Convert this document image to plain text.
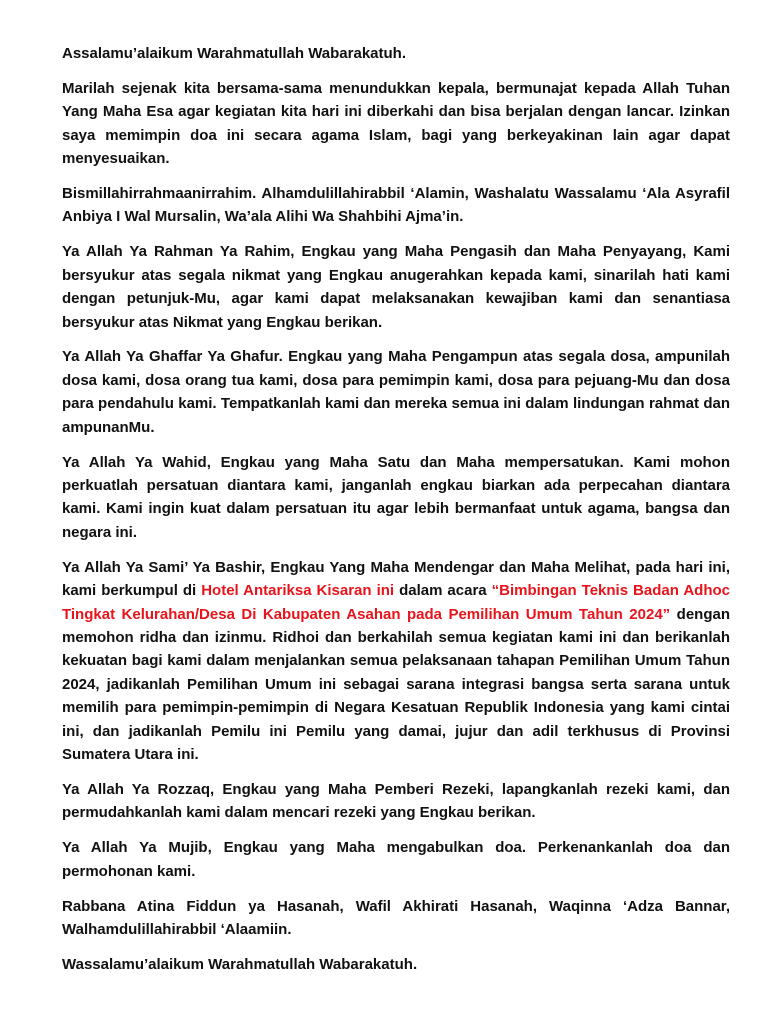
Assalamu’alaikum Warahmatullah Wabarakatuh.

Marilah sejenak kita bersama-sama menundukkan kepala, bermunajat kepada Allah Tuhan Yang Maha Esa agar kegiatan kita hari ini diberkahi dan bisa berjalan dengan lancar. Izinkan saya memimpin doa ini secara agama Islam, bagi yang berkeyakinan lain agar dapat menyesuaikan.

Bismillahirrahmaanirrahim. Alhamdulillahirabbil ‘Alamin, Washalatu Wassalamu ‘Ala Asyrafil Anbiya I Wal Mursalin, Wa’ala Alihi Wa Shahbihi Ajma’in.

Ya Allah Ya Rahman Ya Rahim, Engkau yang Maha Pengasih dan Maha Penyayang, Kami bersyukur atas segala nikmat yang Engkau anugerahkan kepada kami, sinarilah hati kami dengan petunjuk-Mu, agar kami dapat melaksanakan kewajiban kami dan senantiasa bersyukur atas Nikmat yang Engkau berikan.

Ya Allah Ya Ghaffar Ya Ghafur. Engkau yang Maha Pengampun atas segala dosa, ampunilah dosa kami, dosa orang tua kami, dosa para pemimpin kami, dosa para pejuang-Mu dan dosa para pendahulu kami. Tempatkanlah kami dan mereka semua ini dalam lindungan rahmat dan ampunanMu.

Ya Allah Ya Wahid, Engkau yang Maha Satu dan Maha mempersatukan. Kami mohon perkuatlah persatuan diantara kami, janganlah engkau biarkan ada perpecahan diantara kami. Kami ingin kuat dalam persatuan itu agar lebih bermanfaat untuk agama, bangsa dan negara ini.

Ya Allah Ya Sami’ Ya Bashir, Engkau Yang Maha Mendengar dan Maha Melihat, pada hari ini, kami berkumpul di Hotel Antariksa Kisaran ini dalam acara “Bimbingan Teknis Badan Adhoc Tingkat Kelurahan/Desa Di Kabupaten Asahan pada Pemilihan Umum Tahun 2024” dengan memohon ridha dan izinmu. Ridhoi dan berkahilah semua kegiatan kami ini dan berikanlah kekuatan bagi kami dalam menjalankan semua pelaksanaan tahapan Pemilihan Umum Tahun 2024, jadikanlah Pemilihan Umum ini sebagai sarana integrasi bangsa serta sarana untuk memilih para pemimpin-pemimpin di Negara Kesatuan Republik Indonesia yang kami cintai ini, dan jadikanlah Pemilu ini Pemilu yang damai, jujur dan adil terkhusus di Provinsi Sumatera Utara ini.

Ya Allah Ya Rozzaq, Engkau yang Maha Pemberi Rezeki, lapangkanlah rezeki kami, dan permudahkanlah kami dalam mencari rezeki yang Engkau berikan.

Ya Allah Ya Mujib, Engkau yang Maha mengabulkan doa. Perkenankanlah doa dan permohonan kami.

Rabbana Atina Fiddun ya Hasanah, Wafil Akhirati Hasanah, Waqinna ‘Adza Bannar, Walhamdulillahirabbil ‘Alaamiin.

Wassalamu’alaikum Warahmatullah Wabarakatuh.
